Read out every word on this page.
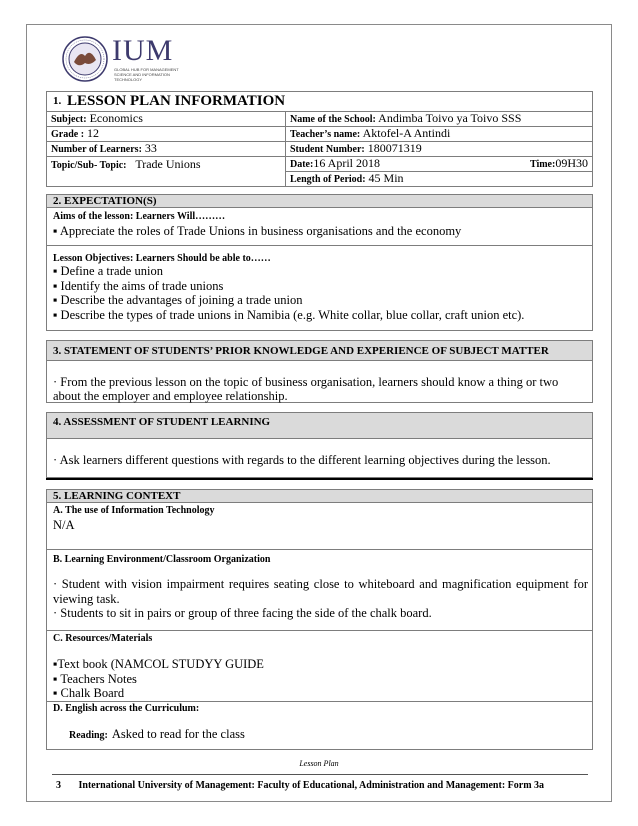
IUM
GLOBAL HUB FOR MANAGEMENT SCIENCE AND INFORMATION TECHNOLOGY
1. LESSON PLAN INFORMATION
Subject: Economics	Name of the School: Andimba Toivo ya Toivo SSS
Grade : 12	Teacher’s name: Aktofel-A Antindi
Number of Learners: 33	Student Number: 180071319
Topic/Sub- Topic: Trade Unions	Date:16 April 2018 Time:09H30

	Length of Period: 45 Min
2. EXPECTATION(S)
Aims of the lesson: Learners Will………
▪ Appreciate the roles of Trade Unions in business organisations and the economy
Lesson Objectives: Learners Should be able to……
▪ Define a trade union
▪ Identify the aims of trade unions
▪ Describe the advantages of joining a trade union
▪ Describe the types of trade unions in Namibia (e.g. White collar, blue collar, craft union etc).
3. STATEMENT OF STUDENTS’ PRIOR KNOWLEDGE AND EXPERIENCE OF SUBJECT MATTER
· From the previous lesson on the topic of business organisation, learners should know a thing or two
about the employer and employee relationship.
4. ASSESSMENT OF STUDENT LEARNING
· Ask learners different questions with regards to the different learning objectives during the lesson.
5. LEARNING CONTEXT
A. The use of Information Technology
N/A
B. Learning Environment/Classroom Organization
· Student with vision impairment requires seating close to whiteboard and magnification equipment for
viewing task.
· Students to sit in pairs or group of three facing the side of the chalk board.
C. Resources/Materials
▪Text book (NAMCOL STUDYY GUIDE
▪ Teachers Notes
▪ Chalk Board
D. English across the Curriculum:
Reading: Asked to read for the class
Lesson Plan
3 International University of Management: Faculty of Educational, Administration and Management: Form 3a
